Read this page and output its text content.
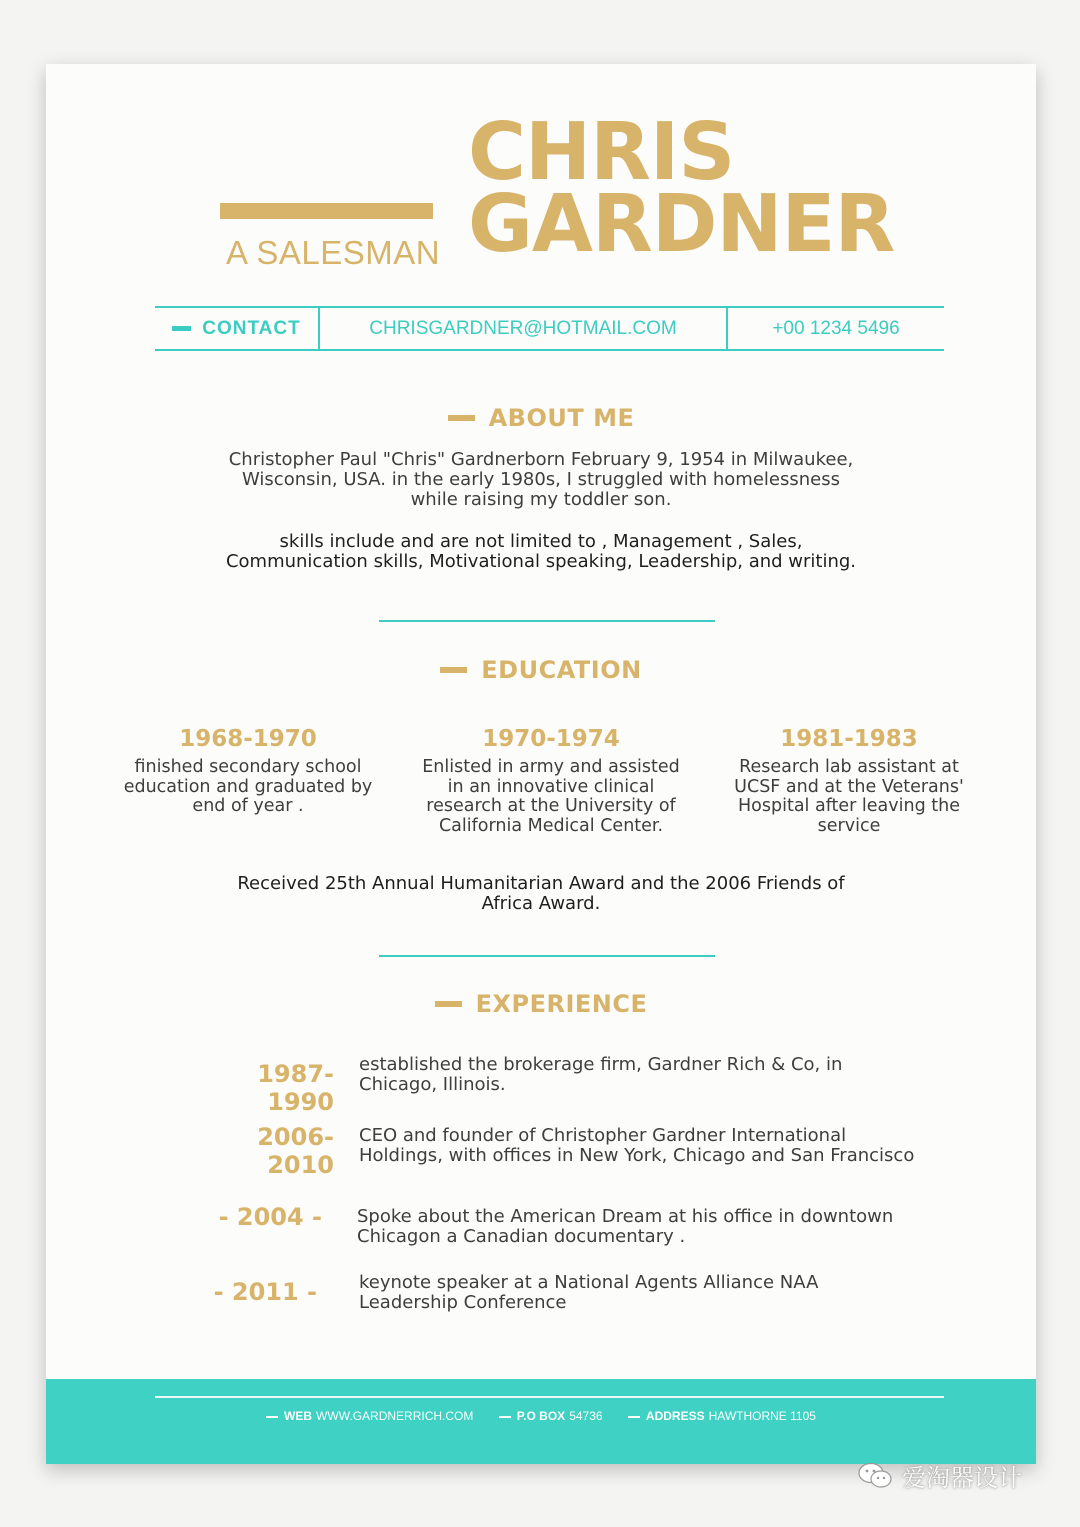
A SALESMAN
CHRIS
GARDNER
CONTACT	CHRISGARDNER@HOTMAIL.COM	+00 1234 5496
ABOUT ME
Christopher Paul "Chris" Gardnerborn February 9, 1954 in Milwaukee, Wisconsin, USA. in the early 1980s, I struggled with homelessness while raising my toddler son.
skills include and are not limited to , Management , Sales, Communication skills, Motivational speaking, Leadership, and writing.
EDUCATION
1968-1970
finished secondary school education and graduated by end of year .
1970-1974
Enlisted in army and assisted in an innovative clinical research at the University of California Medical Center.
1981-1983
Research lab assistant at UCSF and at the Veterans' Hospital after leaving the service
Received 25th Annual Humanitarian Award and the 2006 Friends of Africa Award.
EXPERIENCE
1987-1990
established the brokerage firm, Gardner Rich & Co, in Chicago, Illinois.
2006-2010
CEO and founder of Christopher Gardner International Holdings, with offices in New York, Chicago and San Francisco
- 2004 - Spoke about the American Dream at his office in downtown Chicagon a Canadian documentary .
- 2011 - keynote speaker at a National Agents Alliance NAA Leadership Conference
WEB WWW.GARDNERRICH.COM	P.O BOX 54736	ADDRESS HAWTHORNE 1105
爱淘器设计
